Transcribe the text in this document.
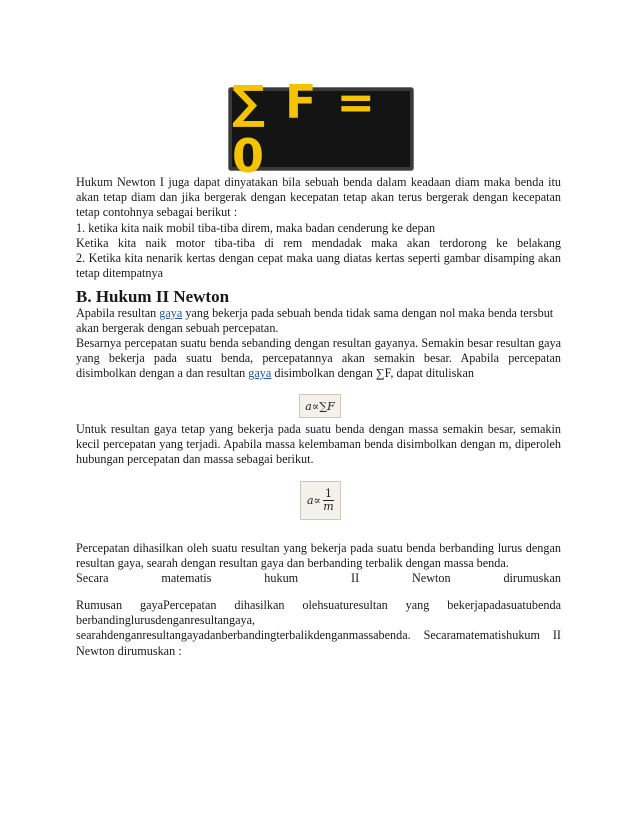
∑ F = 0

Hukum Newton I juga dapat dinyatakan bila sebuah benda dalam keadaan diam maka benda itu akan tetap diam dan jika bergerak dengan kecepatan tetap akan terus bergerak dengan kecepatan tetap contohnya sebagai berikut :

1. ketika kita naik mobil tiba-tiba direm, maka badan cenderung ke depan

Ketika kita naik motor tiba-tiba di rem mendadak maka akan terdorong ke belakang

2. Ketika kita nenarik kertas dengan cepat maka uang diatas kertas seperti gambar disamping akan tetap ditempatnya

B. Hukum II Newton

Apabila resultan gaya yang bekerja pada sebuah benda tidak sama dengan nol maka benda tersbut akan bergerak dengan sebuah percepatan.

Besarnya percepatan suatu benda sebanding dengan resultan gayanya. Semakin besar resultan gaya yang bekerja pada suatu benda, percepatannya akan semakin besar. Apabila percepatan disimbolkan dengan a dan resultan gaya disimbolkan dengan ∑F, dapat dituliskan

a∝∑F

Untuk resultan gaya tetap yang bekerja pada suatu benda dengan massa semakin besar, semakin kecil percepatan yang terjadi. Apabila massa kelembaman benda disimbolkan dengan m, diperoleh hubungan percepatan dan massa sebagai berikut.

$a\propto \frac{1}{m}$

Percepatan dihasilkan oleh suatu resultan yang bekerja pada suatu benda berbanding lurus dengan resultan gaya, searah dengan resultan gaya dan berbanding terbalik dengan massa benda.

Secara matematis hukum II Newton dirumuskan

Rumusan gayaPercepatan dihasilkan olehsuaturesultan yang bekerjapadasuatubenda

berbandinglurusdenganresultangaya,

searahdenganresultangayadanberbandingterbalikdenganmassabenda. Secaramatematishukum II

Newton dirumuskan :
